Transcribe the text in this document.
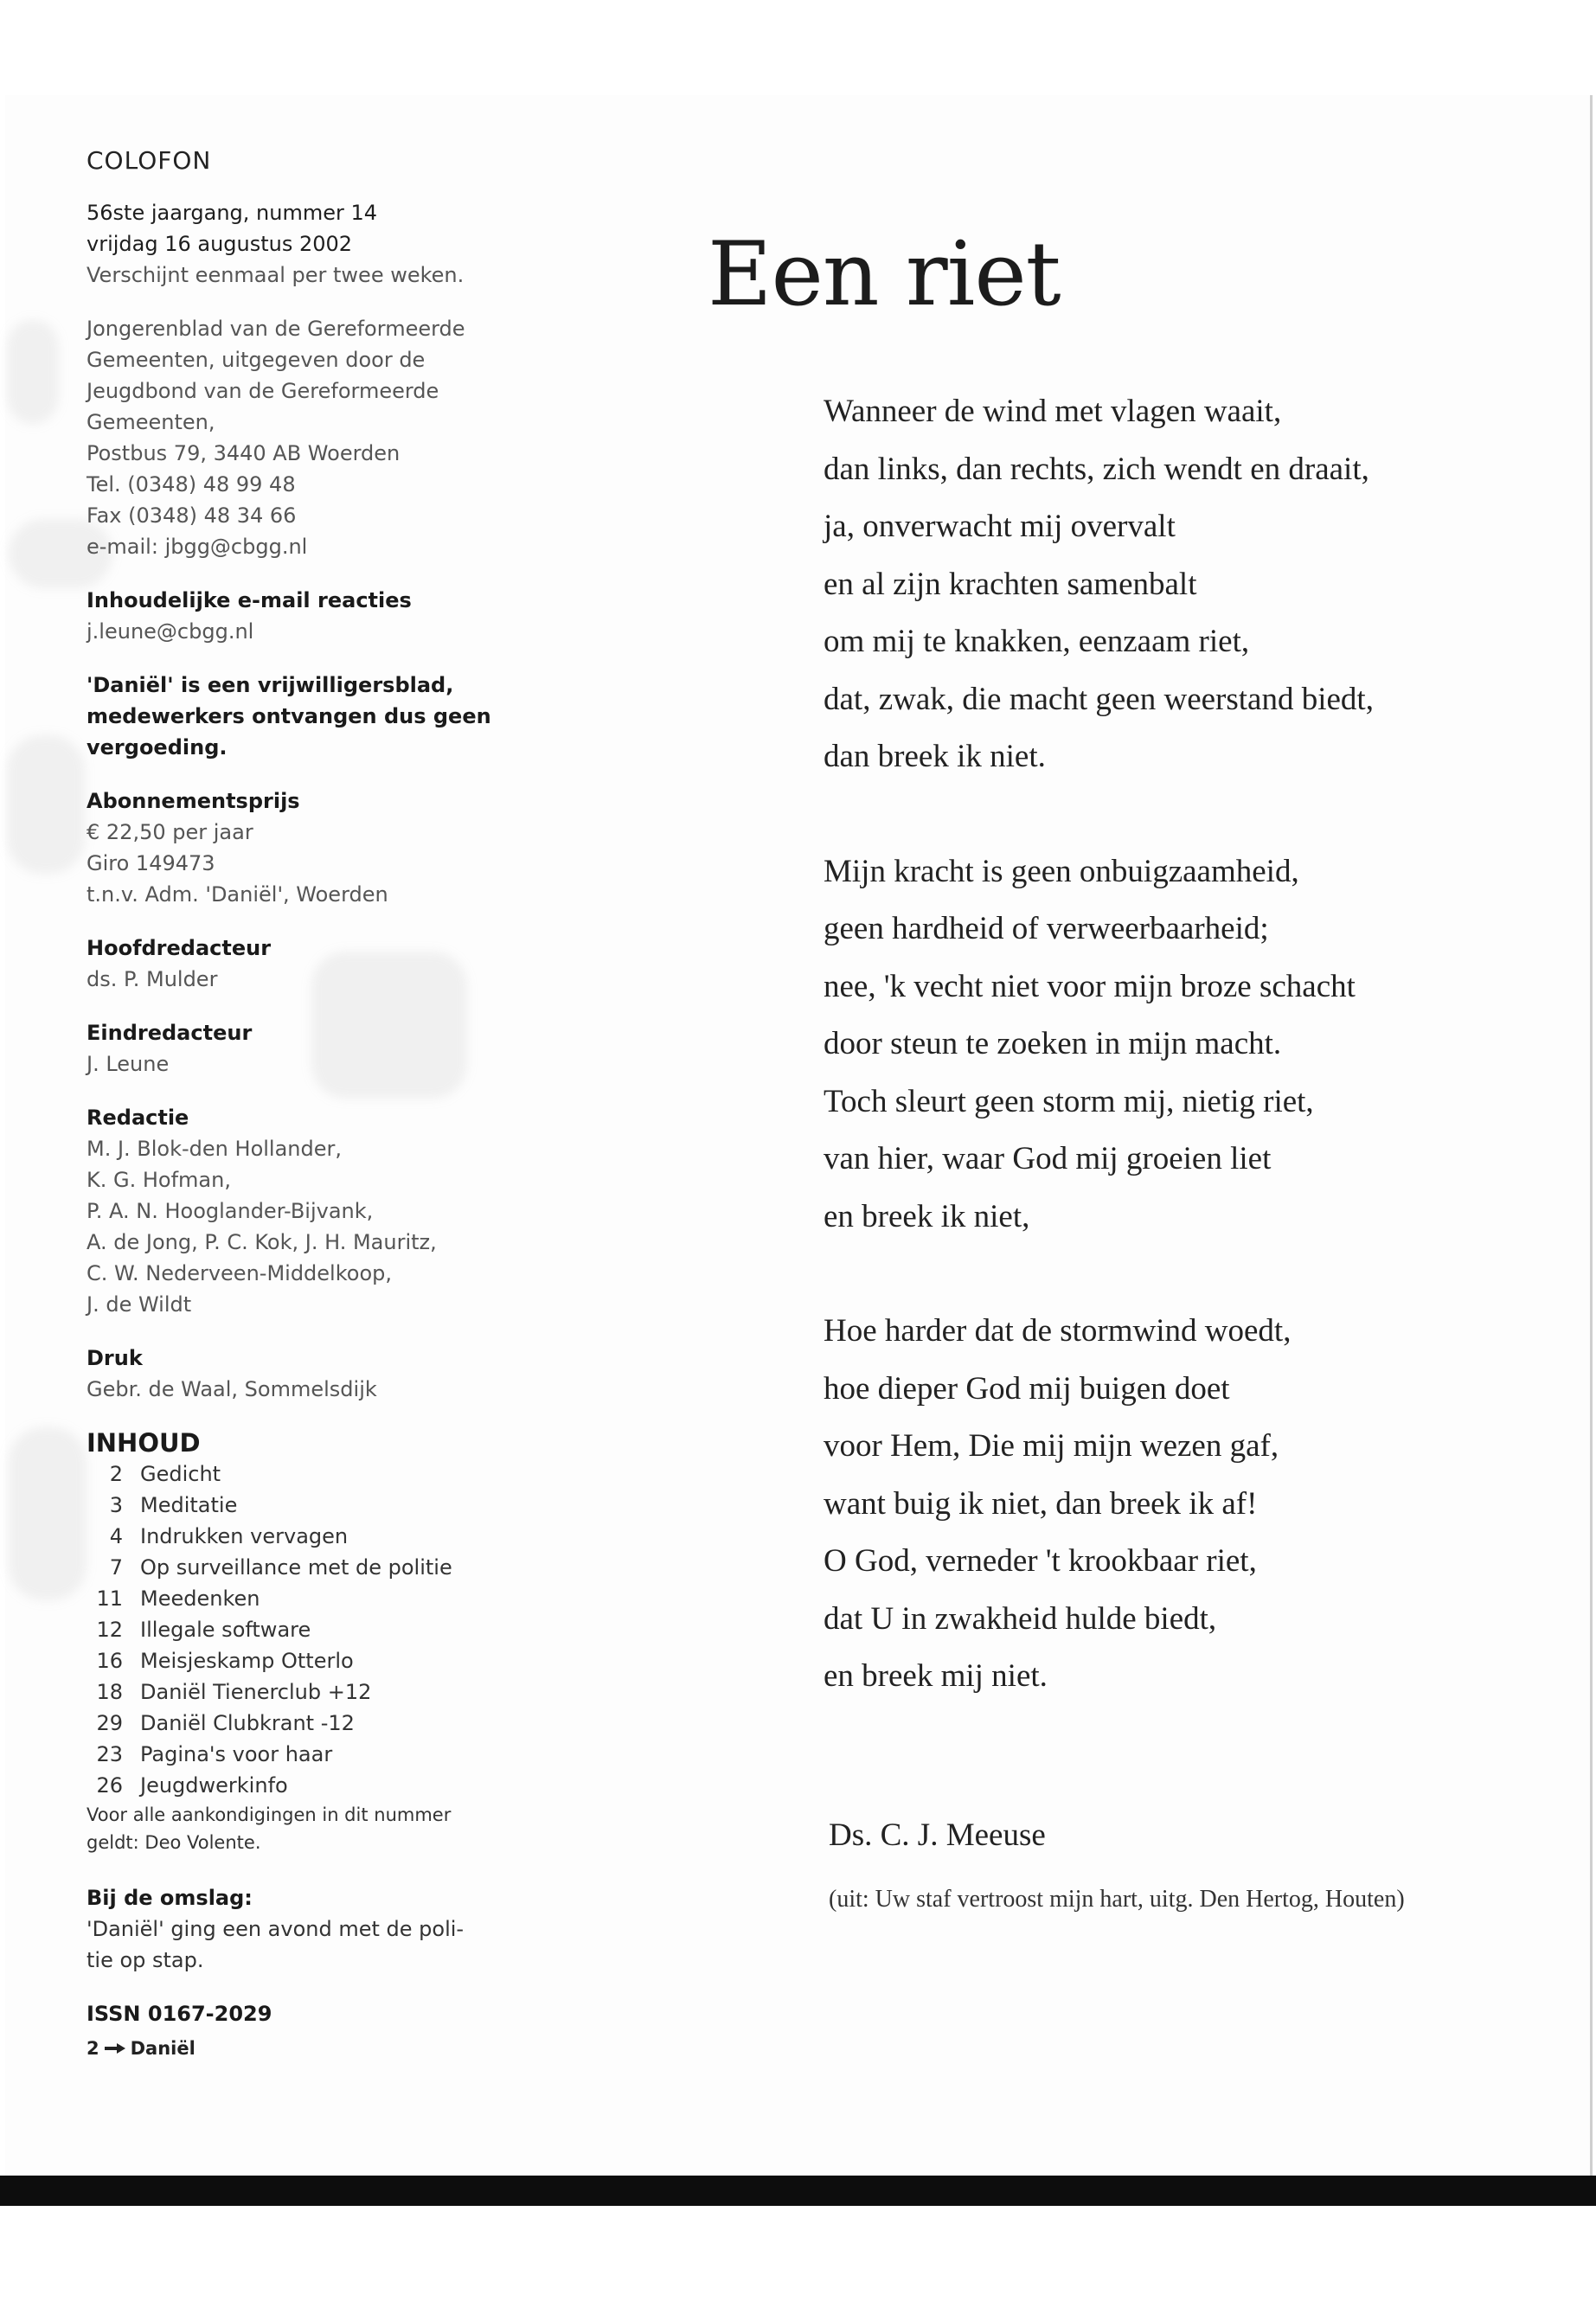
COLOFON
56ste jaargang, nummer 14
vrijdag 16 augustus 2002
Verschijnt eenmaal per twee weken.
Jongerenblad van de Gereformeerde
Gemeenten, uitgegeven door de
Jeugdbond van de Gereformeerde
Gemeenten,
Postbus 79, 3440 AB Woerden
Tel. (0348) 48 99 48
Fax (0348) 48 34 66
e-mail: jbgg@cbgg.nl
Inhoudelijke e-mail reacties
j.leune@cbgg.nl
'Daniël' is een vrijwilligersblad,
medewerkers ontvangen dus geen
vergoeding.
Abonnementsprijs
€ 22,50 per jaar
Giro 149473
t.n.v. Adm. 'Daniël', Woerden
Hoofdredacteur
ds. P. Mulder
Eindredacteur
J. Leune
Redactie
M. J. Blok-den Hollander,
K. G. Hofman,
P. A. N. Hooglander-Bijvank,
A. de Jong, P. C. Kok, J. H. Mauritz,
C. W. Nederveen-Middelkoop,
J. de Wildt
Druk
Gebr. de Waal, Sommelsdijk
INHOUD
2 Gedicht
3 Meditatie
4 Indrukken vervagen
7 Op surveillance met de politie
11 Meedenken
12 Illegale software
16 Meisjeskamp Otterlo
18 Daniël Tienerclub +12
29 Daniël Clubkrant -12
23 Pagina's voor haar
26 Jeugdwerkinfo
Voor alle aankondigingen in dit nummer
geldt: Deo Volente.
Bij de omslag:
'Daniël' ging een avond met de poli-
tie op stap.
ISSN 0167-2029
2 Daniël
Een riet
Wanneer de wind met vlagen waait,
dan links, dan rechts, zich wendt en draait,
ja, onverwacht mij overvalt
en al zijn krachten samenbalt
om mij te knakken, eenzaam riet,
dat, zwak, die macht geen weerstand biedt,
dan breek ik niet.
Mijn kracht is geen onbuigzaamheid,
geen hardheid of verweerbaarheid;
nee, 'k vecht niet voor mijn broze schacht
door steun te zoeken in mijn macht.
Toch sleurt geen storm mij, nietig riet,
van hier, waar God mij groeien liet
en breek ik niet,
Hoe harder dat de stormwind woedt,
hoe dieper God mij buigen doet
voor Hem, Die mij mijn wezen gaf,
want buig ik niet, dan breek ik af!
O God, verneder 't krookbaar riet,
dat U in zwakheid hulde biedt,
en breek mij niet.
Ds. C. J. Meeuse
(uit: Uw staf vertroost mijn hart, uitg. Den Hertog, Houten)
